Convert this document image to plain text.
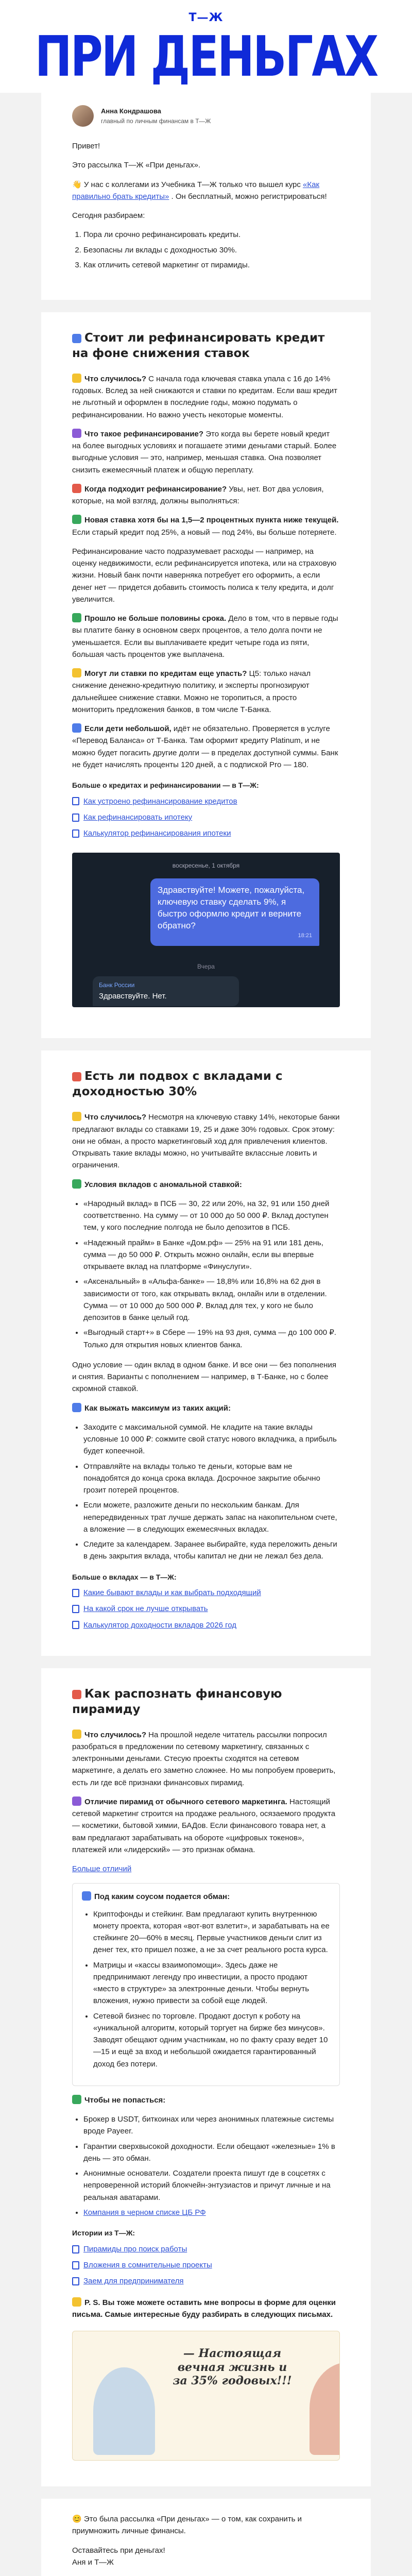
Т—Ж
ПРИ ДЕНЬГАХ
Анна Кондрашова
главный по личным финансам в Т—Ж

Привет!

Это рассылка Т—Ж «При деньгах».

👋 У нас с коллегами из Учебника Т—Ж только что вышел курс «Как правильно брать кредиты» . Он бесплатный, можно регистрироваться!

Сегодня разбираем:

1. Пора ли срочно рефинансировать кредиты.
2. Безопасны ли вклады с доходностью 30%.
3. Как отличить сетевой маркетинг от пирамиды.
Стоит ли рефинансировать кредит на фоне снижения ставок

Что случилось? С начала года ключевая ставка упала с 16 до 14% годовых. Вслед за ней снижаются и ставки по кредитам. Если ваш кредит не льготный и оформлен в последние годы, можно подумать о рефинансировании. Но важно учесть некоторые моменты.

Что такое рефинансирование? Это когда вы берете новый кредит на более выгодных условиях и погашаете этими деньгами старый. Более выгодные условия — это, например, меньшая ставка. Она позволяет снизить ежемесячный платеж и общую переплату.

Когда подходит рефинансирование? Увы, нет. Вот два условия, которые, на мой взгляд, должны выполняться:

Новая ставка хотя бы на 1,5—2 процентных пункта ниже текущей. Если старый кредит под 25%, а новый — под 24%, вы больше потеряете.

Рефинансирование часто подразумевает расходы — например, на оценку недвижимости, если рефинансируется ипотека, или на страховую жизни. Новый банк почти наверняка потребует его оформить, а если денег нет — придется добавить стоимость полиса к телу кредита, и долг увеличится.

Прошло не больше половины срока. Дело в том, что в первые годы вы платите банку в основном сверх процентов, а тело долга почти не уменьшается. Если вы выплачиваете кредит четыре года из пяти, большая часть процентов уже выплачена.

Могут ли ставки по кредитам еще упасть? Ц5: только начал снижение денежно-кредитную политику, и эксперты прогнозируют дальнейшее снижение ставки. Можно не торопиться, а просто мониторить предложения банков, в том числе Т-Банка.

Если дети небольшой, идёт не обязательно. Проверяется в услуге «Перевод Баланса» от Т-Банка. Там оформит кредиту Platinum, и не можно будет погасить другие долги — в пределах доступной суммы. Банк не будет начислять проценты 120 дней, а с подпиской Pro — 180.

Больше о кредитах и рефинансировании — в Т—Ж:
Как устроено рефинансирование кредитов
Как рефинансировать ипотеку
Калькулятор рефинансирования ипотеки
воскресенье, 1 октября
Здравствуйте! Можете, пожалуйста, ключевую ставку сделать 9%, я быстро оформлю кредит и верните обратно?
18:21
Вчера
Банк России
Здравствуйте. Нет.
Есть ли подвох с вкладами с доходностью 30%

Что случилось? Несмотря на ключевую ставку 14%, некоторые банки предлагают вклады со ставками 19, 25 и даже 30% годовых. Срок этому: они не обман, а просто маркетинговый ход для привлечения клиентов. Открывать такие вклады можно, но учитывайте вклассные ловить и ограничения.

Условия вкладов с аномальной ставкой:

• «Народный вклад» в ПСБ — 30, 22 или 20%, на 32, 91 или 150 дней соответственно. На сумму — от 10 000 до 50 000 ₽. Вклад доступен тем, у кого последние полгода не было депозитов в ПСБ.
• «Надежный прайм» в Банке «Дом.рф» — 25% на 91 или 181 день, сумма — до 50 000 ₽. Открыть можно онлайн, если вы впервые открываете вклад на платформе «Финуслуги».
• «Аксенальный» в «Альфа-банке» — 18,8% или 16,8% на 62 дня в зависимости от того, как открывать вклад, онлайн или в отделении. Сумма — от 10 000 до 500 000 ₽. Вклад для тех, у кого не было депозитов в банке целый год.
• «Выгодный старт+» в Сбере — 19% на 93 дня, сумма — до 100 000 ₽. Только для открытия новых клиентов банка.

Одно условие — один вклад в одном банке. И все они — без пополнения и снятия. Варианты с пополнением — например, в Т-Банке, но с более скромной ставкой.

Как выжать максимум из таких акций:

• Заходите с максимальной суммой. Не кладите на такие вклады условные 10 000 ₽: сожмите свой статус нового вкладчика, а прибыль будет копеечной.
• Отправляйте на вклады только те деньги, которые вам не понадобятся до конца срока вклада. Досрочное закрытие обычно грозит потерей процентов.
• Если можете, разложите деньги по нескольким банкам. Для непередвиденных трат лучше держать запас на накопительном счете, а вложение — в следующих ежемесячных вкладах.
• Следите за календарем. Заранее выбирайте, куда переложить деньги в день закрытия вклада, чтобы капитал не дни не лежал без дела.
Больше о вкладах — в Т—Ж:
Какие бывают вклады и как выбрать подходящий
На какой срок не лучше открывать
Калькулятор доходности вкладов 2026 год
Как распознать финансовую пирамиду

Что случилось? На прошлой неделе читатель рассылки попросил разобраться в предложении по сетевому маркетингу, связанных с электронными деньгами. Стесую проекты сходятся на сетевом маркетинге, а делать его заметно сложнее. Но мы попробуем проверить, есть ли где всё признаки финансовых пирамид.

Отличие пирамид от обычного сетевого маркетинга. Настоящий сетевой маркетинг строится на продаже реального, осязаемого продукта — косметики, бытовой химии, БАДов. Если финансового товара нет, а вам предлагают зарабатывать на обороте «цифровых токенов», платежей или «лидерский» — это признак обмана.

Больше отличий

Под каким соусом подается обман:
• Криптофонды и стейкинг. Вам предлагают купить внутреннюю монету проекта, которая «вот-вот взлетит», и зарабатывать на ее стейкинге 20—60% в месяц. Первые участников деньги слит из денег тех, кто пришел позже, а не за счет реального роста курса.
• Матрицы и «кассы взаимопомощи». Здесь даже не предпринимают легенду про инвестиции, а просто продают «место в структуре» за электронные деньги. Чтобы вернуть вложения, нужно привести за собой еще людей.
• Сетевой бизнес по торговле. Продают доступ к роботу на «уникальной алгоритм, который торгует на бирже без минусов». Заводят обещают одним участникам, но по факту сразу ведет 10—15 и ещё за вход и небольшой ожидается гарантированный доход без потери.

Чтобы не попасться:

• Брокер в USDT, биткоинах или через анонимных платежные системы вроде Payeer.
• Гарантии сверхвысокой доходности. Если обещают «железные» 1% в день — это обман.
• Анонимные основатели. Создатели проекта пишут где в соцсетях с непроверенной историй блокчейн-энтузиастов и причут личные и на реальная аватарами.
• Компания в черном списке ЦБ РФ
Истории из Т—Ж:
Пирамиды про поиск работы
Вложения в сомнительные проекты
Заем для предпринимателя

P. S. Вы тоже можете оставить мне вопросы в форме для оценки письма. Самые интересные буду разбирать в следующих письмах.

— Настоящая вечная жизнь и за 35% годовых!!!

😊 Это была рассылка «При деньгах» — о том, как сохранить и приумножить личные финансы.

Оставайтесь при деньгах!

Аня и Т—Ж
